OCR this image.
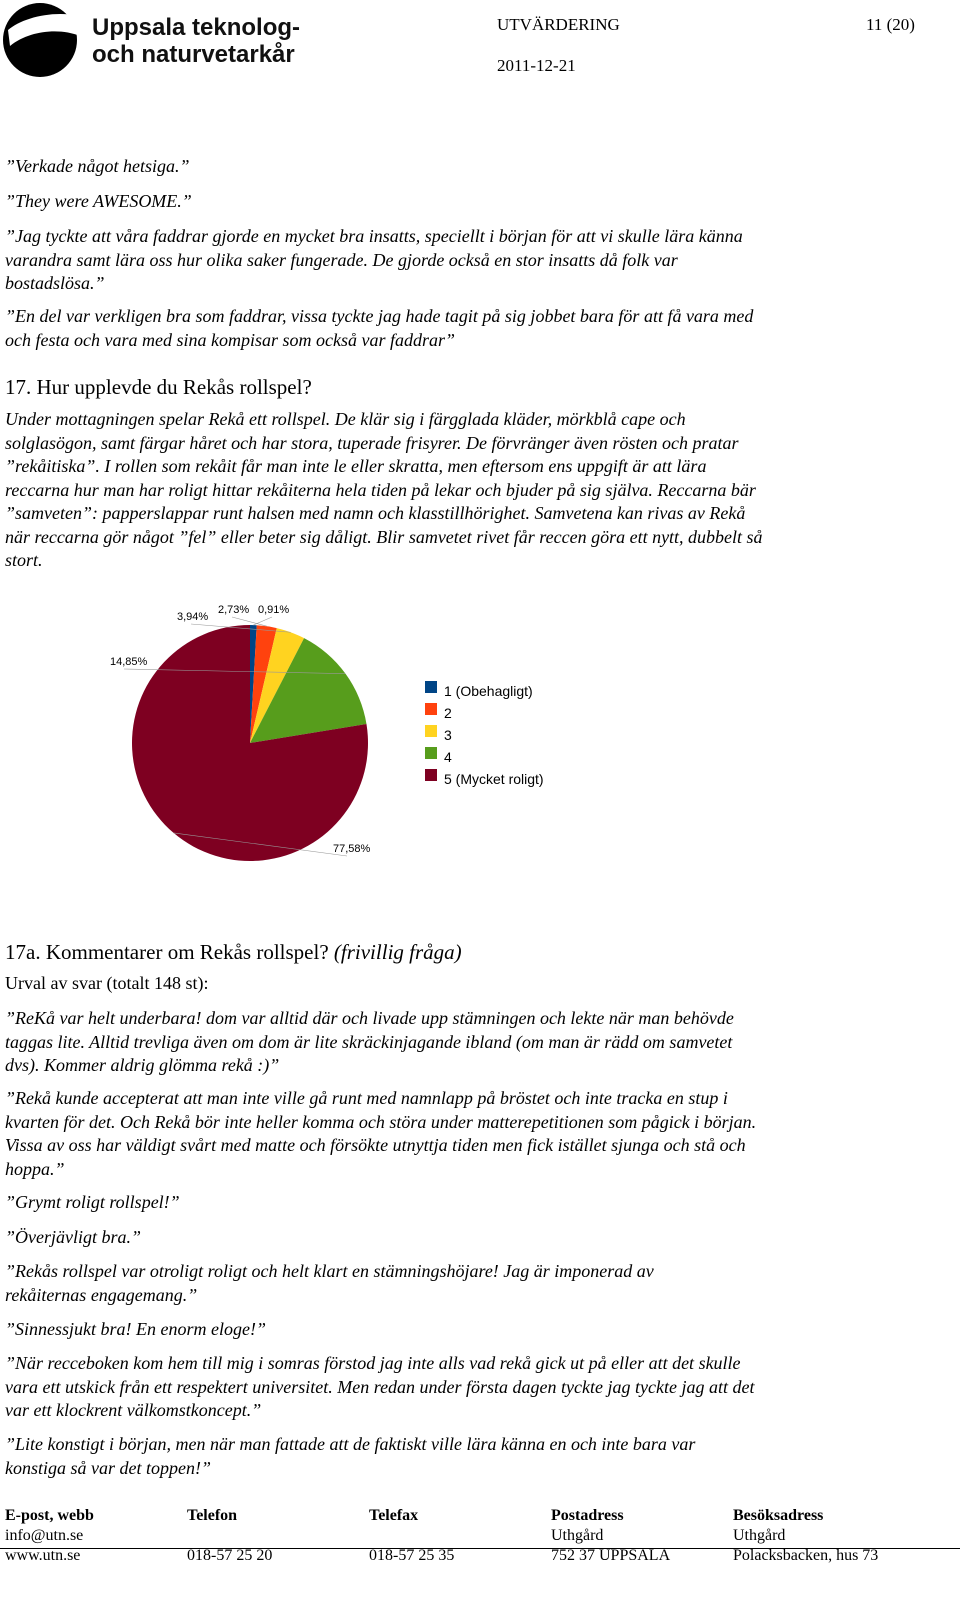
Uppsala teknolog-
och naturvetarkår
UTVÄRDERING	11 (20)
2011-12-21

”Verkade något hetsiga.”

”They were AWESOME.”

”Jag tyckte att våra faddrar gjorde en mycket bra insatts, speciellt i början för att vi skulle lära känna varandra samt lära oss hur olika saker fungerade. De gjorde också en stor insatts då folk var bostadslösa.”

”En del var verkligen bra som faddrar, vissa tyckte jag hade tagit på sig jobbet bara för att få vara med och festa och vara med sina kompisar som också var faddrar”

17. Hur upplevde du Rekås rollspel?

Under mottagningen spelar Rekå ett rollspel. De klär sig i färgglada kläder, mörkblå cape och solglasögon, samt färgar håret och har stora, tuperade frisyrer. De förvränger även rösten och pratar ”rekåitiska”. I rollen som rekåit får man inte le eller skratta, men eftersom ens uppgift är att lära reccarna hur man har roligt hittar rekåiterna hela tiden på lekar och bjuder på sig själva. Reccarna bär ”samveten”: papperslappar runt halsen med namn och klasstillhörighet. Samvetena kan rivas av Rekå när reccarna gör något ”fel” eller beter sig dåligt. Blir samvetet rivet får reccen göra ett nytt, dubbelt så stort.

0,91%
2,73%
3,94%
14,85%
77,58%
1 (Obehagligt)
2
3
4
5 (Mycket roligt)
17a. Kommentarer om Rekås rollspel? (frivillig fråga)
Urval av svar (totalt 148 st):

”ReKå var helt underbara! dom var alltid där och livade upp stämningen och lekte när man behövde taggas lite. Alltid trevliga även om dom är lite skräckinjagande ibland (om man är rädd om samvetet dvs). Kommer aldrig glömma rekå :)”

”Rekå kunde accepterat att man inte ville gå runt med namnlapp på bröstet och inte tracka en stup i kvarten för det. Och Rekå bör inte heller komma och störa under matterepetitionen som pågick i början. Vissa av oss har väldigt svårt med matte och försökte utnyttja tiden men fick istället sjunga och stå och hoppa.”

”Grymt roligt rollspel!”

”Överjävligt bra.”

”Rekås rollspel var otroligt roligt och helt klart en stämningshöjare! Jag är imponerad av rekåiternas engagemang.”

”Sinnessjukt bra! En enorm eloge!”

”När recceboken kom hem till mig i somras förstod jag inte alls vad rekå gick ut på eller att det skulle vara ett utskick från ett respektert universitet. Men redan under första dagen tyckte jag tyckte jag att det var ett klockrent välkomstkoncept.”

”Lite konstigt i början, men när man fattade att de faktiskt ville lära känna en och inte bara var konstiga så var det toppen!”

E-post, webb
info@utn.se
www.utn.se
Telefon

018-57 25 20
Telefax

018-57 25 35
Postadress
Uthgård
752 37 UPPSALA
Besöksadress
Uthgård
Polacksbacken, hus 73
